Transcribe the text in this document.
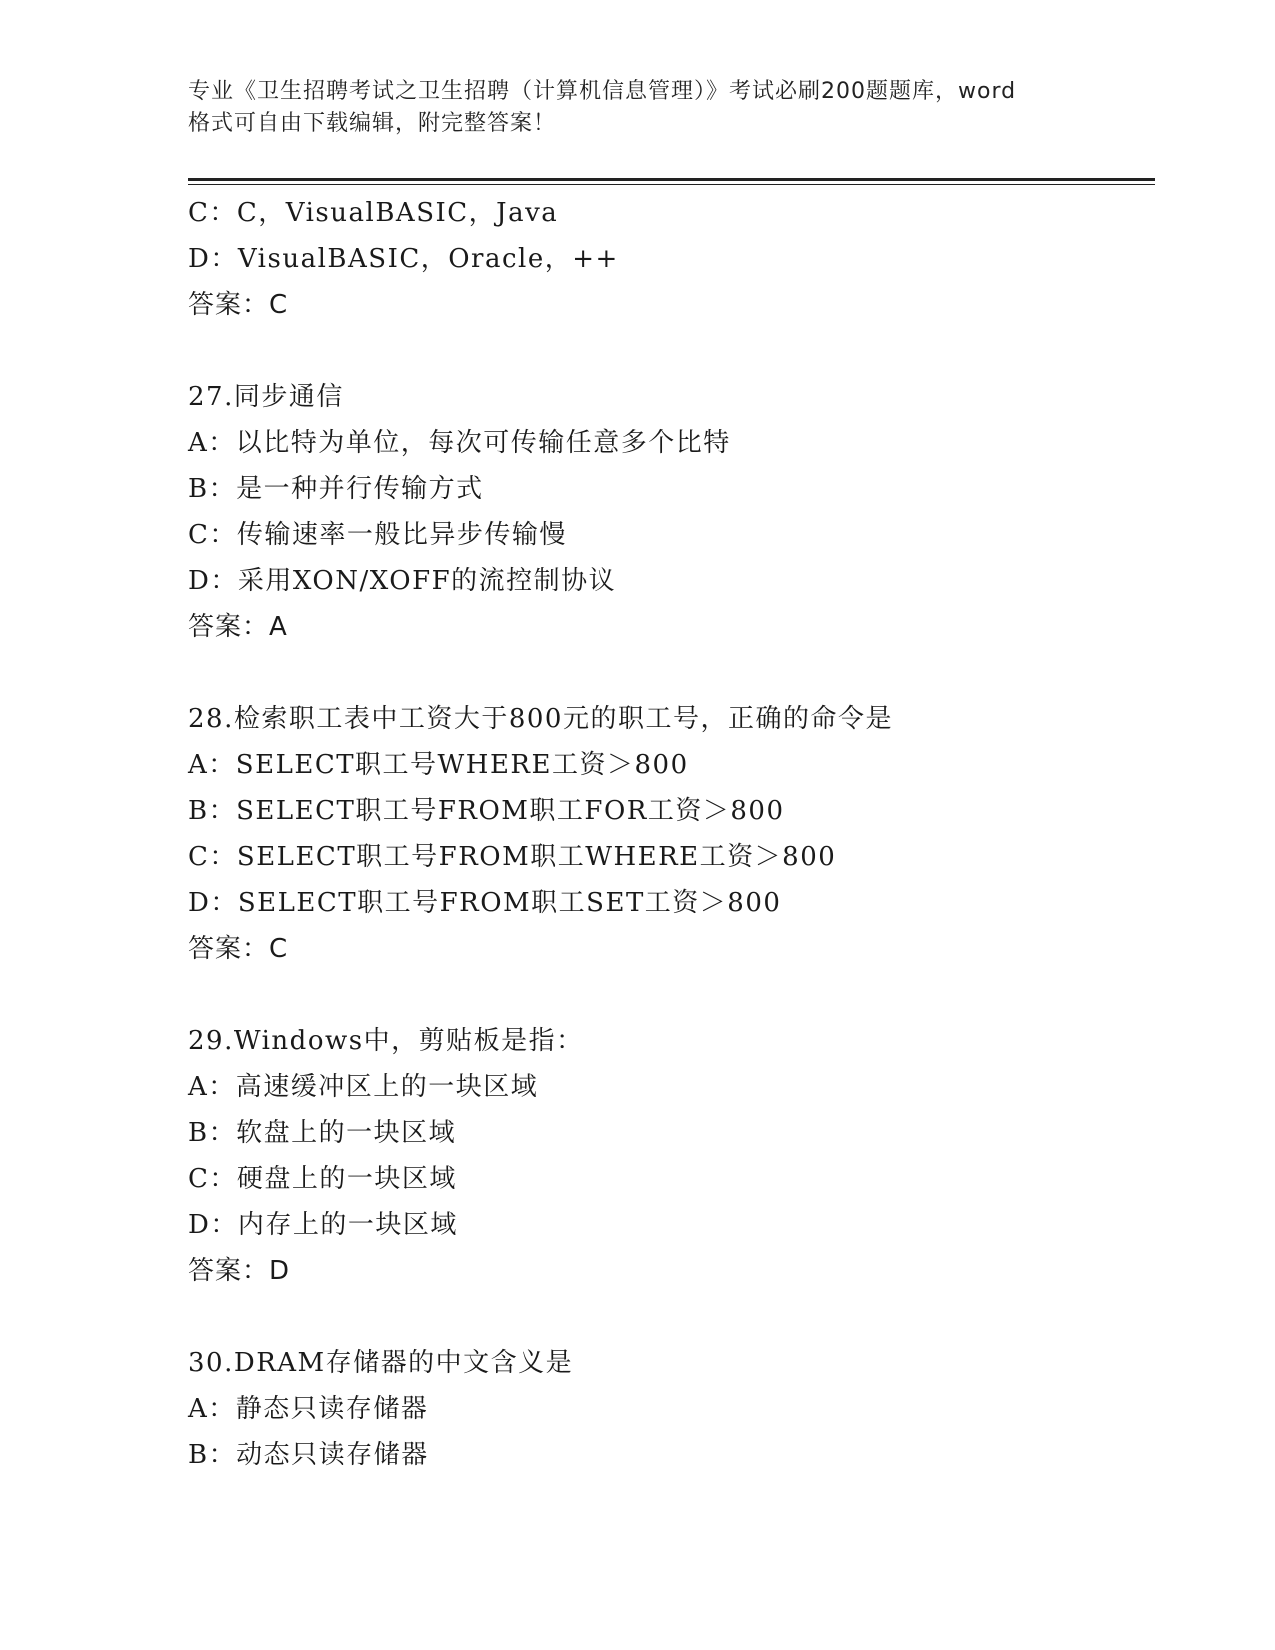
专业《卫生招聘考试之卫生招聘（计算机信息管理）》考试必刷200题题库，word
格式可自由下载编辑，附完整答案！
C：C，VisualBASIC，Java
D：VisualBASIC，Oracle，++
答案：C
27.同步通信
A：以比特为单位，每次可传输任意多个比特
B：是一种并行传输方式
C：传输速率一般比异步传输慢
D：采用XON/XOFF的流控制协议
答案：A
28.检索职工表中工资大于800元的职工号，正确的命令是
A：SELECT职工号WHERE工资＞800
B：SELECT职工号FROM职工FOR工资＞800
C：SELECT职工号FROM职工WHERE工资＞800
D：SELECT职工号FROM职工SET工资＞800
答案：C
29.Windows中，剪贴板是指：
A：高速缓冲区上的一块区域
B：软盘上的一块区域
C：硬盘上的一块区域
D：内存上的一块区域
答案：D
30.DRAM存储器的中文含义是
A：静态只读存储器
B：动态只读存储器
